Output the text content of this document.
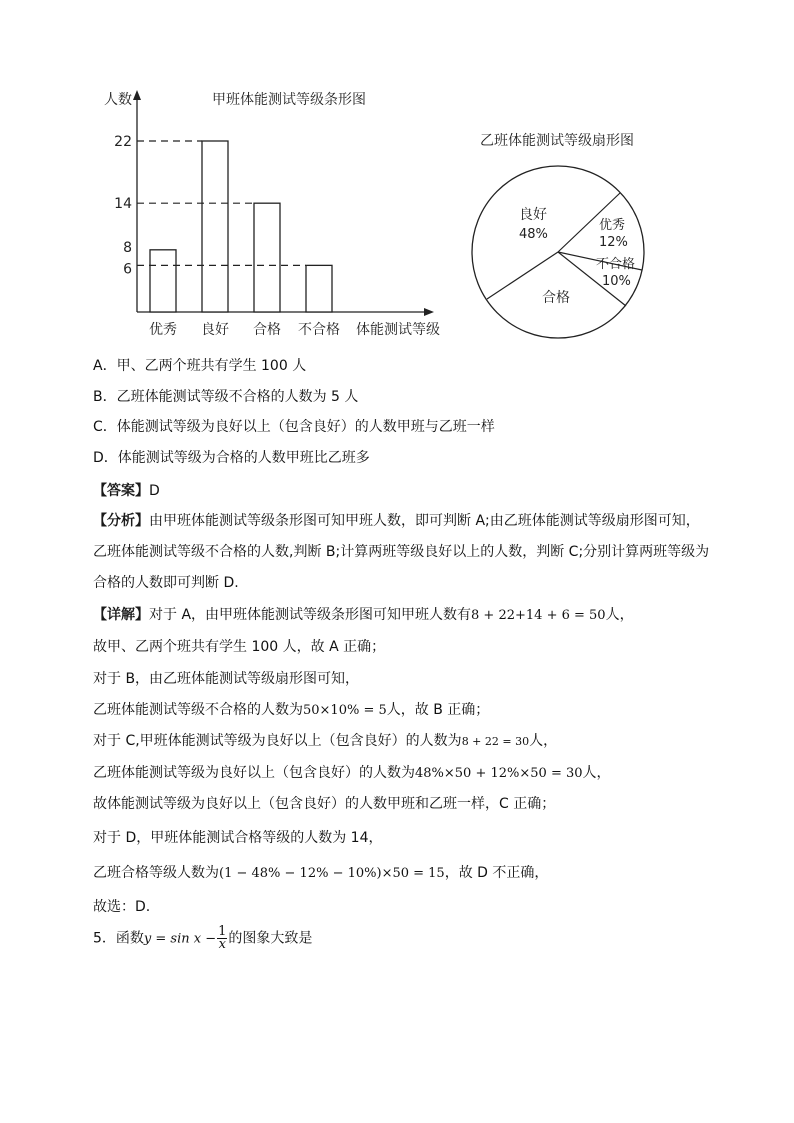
甲班体能测试等级条形图
人数
22
14
8
6
优秀 良好 合格 不合格 体能测试等级
乙班体能测试等级扇形图
良好
48%
优秀
12%
不合格
10%
合格
A．甲、乙两个班共有学生 100 人
B．乙班体能测试等级不合格的人数为 5 人
C．体能测试等级为良好以上（包含良好）的人数甲班与乙班一样
D．体能测试等级为合格的人数甲班比乙班多
【答案】D
【分析】由甲班体能测试等级条形图可知甲班人数，即可判断 A;由乙班体能测试等级扇形图可知，
乙班体能测试等级不合格的人数,判断 B;计算两班等级良好以上的人数，判断 C;分别计算两班等级为
合格的人数即可判断 D.
【详解】对于 A，由甲班体能测试等级条形图可知甲班人数有8 + 22+14 + 6 = 50人，
故甲、乙两个班共有学生 100 人，故 A 正确；
对于 B，由乙班体能测试等级扇形图可知，
乙班体能测试等级不合格的人数为50×10% = 5人，故 B 正确；
对于 C,甲班体能测试等级为良好以上（包含良好）的人数为8 + 22 = 30人，
乙班体能测试等级为良好以上（包含良好）的人数为48%×50 + 12%×50 = 30人，
故体能测试等级为良好以上（包含良好）的人数甲班和乙班一样，C 正确；
对于 D，甲班体能测试合格等级的人数为 14，
乙班合格等级人数为(1 − 48% − 12% − 10%)×50 = 15，故 D 不正确，
故选：D.
5．函数$y = \sin x - \frac{1}{x}$ 的图象大致是
